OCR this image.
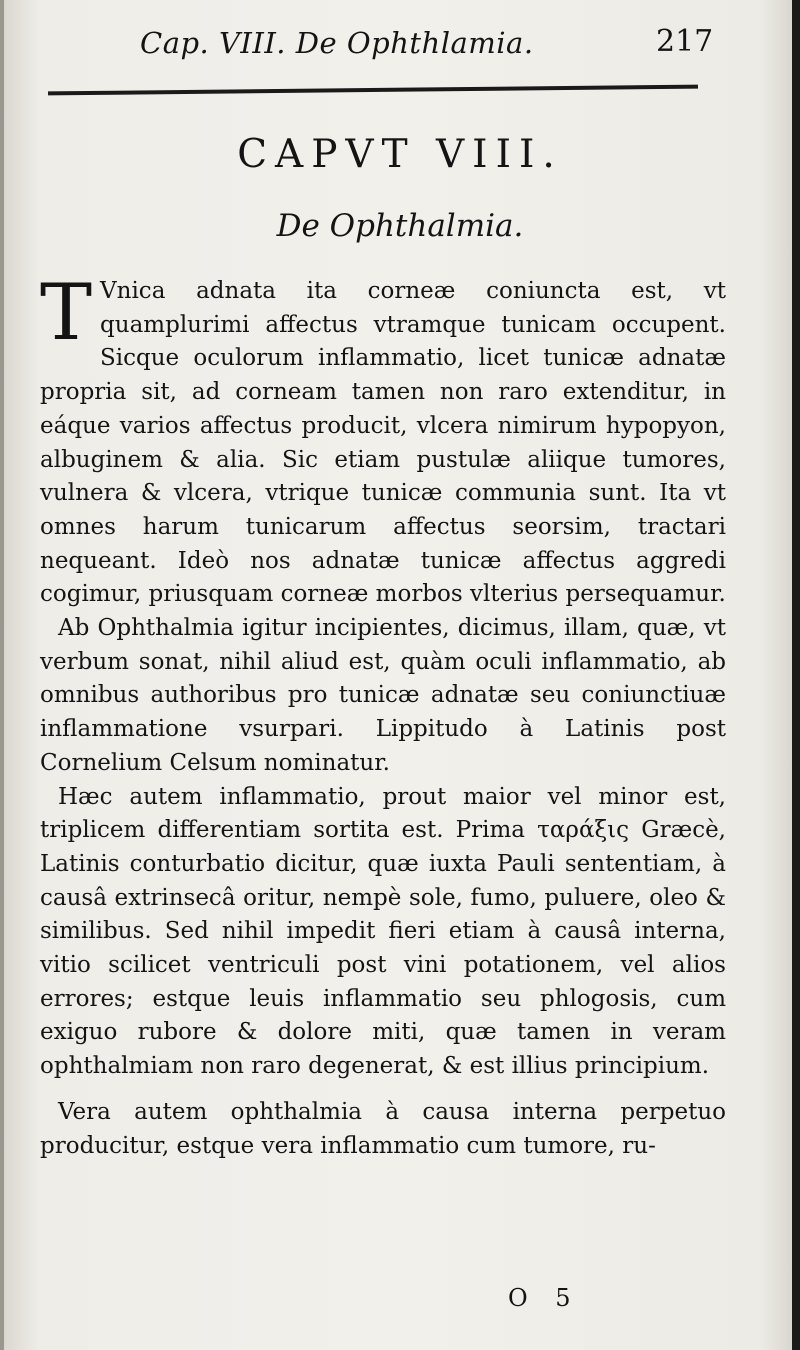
Cap. VIII. De Ophthlamia.	217
CAPVT VIII.
De Ophthalmia.

T Vnica adnata ita corneæ coniuncta est, vt quamplurimi affectus vtramque tunicam occupent. Sicque oculorum inflammatio, licet tunicæ adnatæ propria sit, ad corneam tamen non raro extenditur, in eáque varios affectus producit, vlcera nimirum hypopyon, albuginem & alia. Sic etiam pustulæ aliique tumores, vulnera & vlcera, vtrique tunicæ communia sunt. Ita vt omnes harum tunicarum affectus seorsim, tractari nequeant. Ideò nos adnatæ tunicæ affectus aggredi cogimur, priusquam corneæ morbos vlterius persequamur.

Ab Ophthalmia igitur incipientes, dicimus, illam, quæ, vt verbum sonat, nihil aliud est, quàm oculi inflammatio, ab omnibus authoribus pro tunicæ adnatæ seu coniunctiuæ inflammatione vsurpari. Lippitudo à Latinis post Cornelium Celsum nominatur.

Hæc autem inflammatio, prout maior vel minor est, triplicem differentiam sortita est. Prima ταράξις Græcè, Latinis conturbatio dicitur, quæ iuxta Pauli sententiam, à causâ extrinsecâ oritur, nempè sole, fumo, puluere, oleo & similibus. Sed nihil impedit fieri etiam à causâ interna, vitio scilicet ventriculi post vini potationem, vel alios errores; estque leuis inflammatio seu phlogosis, cum exiguo rubore & dolore miti, quæ tamen in veram ophthalmiam non raro degenerat, & est illius principium.

Vera autem ophthalmia à causa interna perpetuo producitur, estque vera inflammatio cum tumore, ru-

O 5
